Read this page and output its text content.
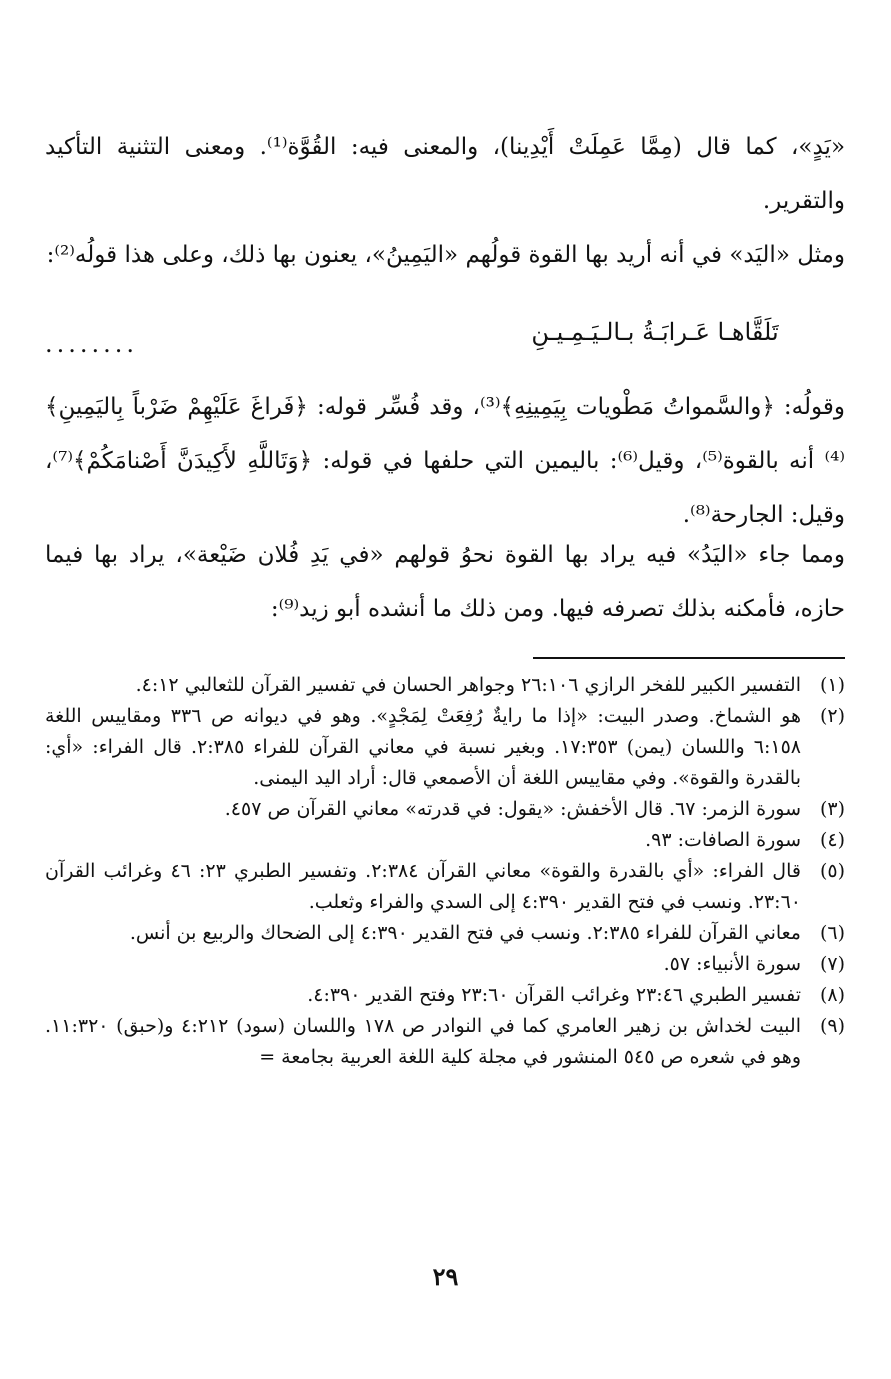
«يَدٍ»، كما قال (مِمَّا عَمِلَتْ أَيْدِينا)، والمعنى فيه: القُوَّة⁽¹⁾. ومعنى التثنية التأكيد والتقرير.

ومثل «اليَد» في أنه أريد بها القوة قولُهم «اليَمِينُ»، يعنون بها ذلك، وعلى هذا قولُه⁽²⁾:

تَلَقَّاهـا عَـرابَـةُ بـالـيَـمِـيـنِ
........

وقولُه: ﴿والسَّمواتُ مَطْويات بِيَمِينِهِ﴾⁽³⁾، وقد فُسِّر قوله: ﴿فَراغَ عَلَيْهِمْ ضَرْباً بِاليَمِينِ﴾⁽⁴⁾ أنه بالقوة⁽⁵⁾، وقيل⁽⁶⁾: باليمين التي حلفها في قوله: ﴿وَتَاللَّهِ لأَكِيدَنَّ أَصْنامَكُمْ﴾⁽⁷⁾، وقيل: الجارحة⁽⁸⁾.

ومما جاء «اليَدُ» فيه يراد بها القوة نحوُ قولهم «في يَدِ فُلان ضَيْعة»، يراد بها فيما حازه، فأمكنه بذلك تصرفه فيها. ومن ذلك ما أنشده أبو زيد⁽⁹⁾:

(١)
التفسير الكبير للفخر الرازي ٢٦:١٠٦ وجواهر الحسان في تفسير القرآن للثعالبي ٤:١٢.
(٢)
هو الشماخ. وصدر البيت: «إذا ما رايةٌ رُفِعَتْ لِمَجْدٍ». وهو في ديوانه ص ٣٣٦ ومقاييس اللغة ٦:١٥٨ واللسان (يمن) ١٧:٣٥٣. وبغير نسبة في معاني القرآن للفراء ٢:٣٨٥. قال الفراء: «أي: بالقدرة والقوة». وفي مقاييس اللغة أن الأصمعي قال: أراد اليد اليمنى.
(٣)
سورة الزمر: ٦٧. قال الأخفش: «يقول: في قدرته» معاني القرآن ص ٤٥٧.
(٤)
سورة الصافات: ٩٣.
(٥)
قال الفراء: «أي بالقدرة والقوة» معاني القرآن ٢:٣٨٤. وتفسير الطبري ٢٣: ٤٦ وغرائب القرآن ٢٣:٦٠. ونسب في فتح القدير ٤:٣٩٠ إلى السدي والفراء وثعلب.
(٦)
معاني القرآن للفراء ٢:٣٨٥. ونسب في فتح القدير ٤:٣٩٠ إلى الضحاك والربيع بن أنس.
(٧)
سورة الأنبياء: ٥٧.
(٨)
تفسير الطبري ٢٣:٤٦ وغرائب القرآن ٢٣:٦٠ وفتح القدير ٤:٣٩٠.
(٩)
البيت لخداش بن زهير العامري كما في النوادر ص ١٧٨ واللسان (سود) ٤:٢١٢ و(حبق) ١١:٣٢٠. وهو في شعره ص ٥٤٥ المنشور في مجلة كلية اللغة العربية بجامعة =
٢٩
